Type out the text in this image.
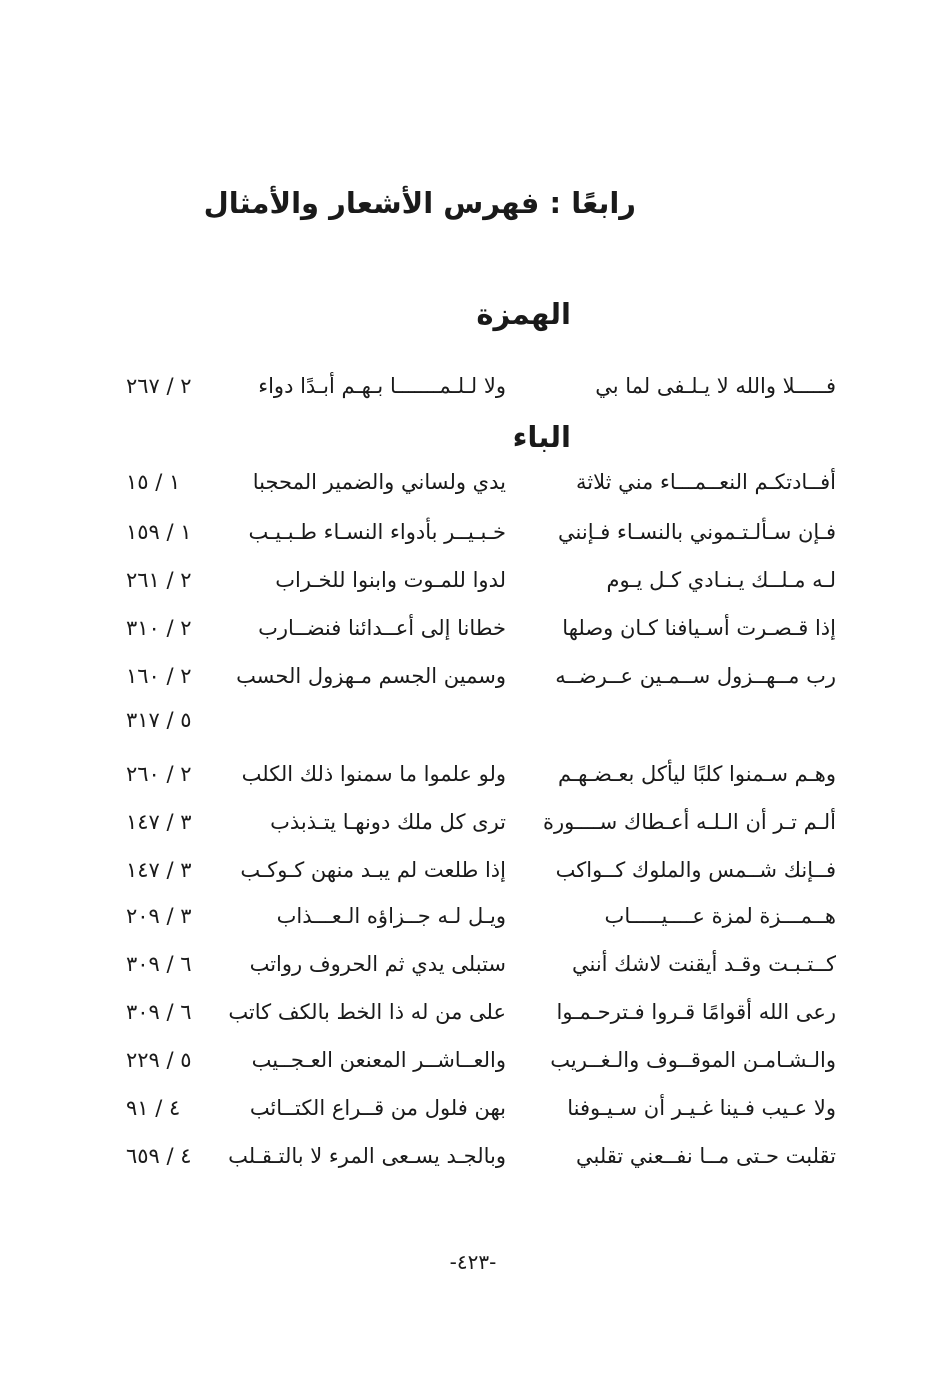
رابعًا : فهرس الأشعار والأمثال
الهمزة
فـــــلا والله لا يـلـفى لما بي
ولا لـلـمـــــــا بـهـم أبـدًا دواء
٢ / ٢٦٧
الباء
أفــادتكـم النعــمـــاء مني ثلاثة
يدي ولساني والضمير المحجبا
١ / ١٥
فـإن سـألـتـموني بالنسـاء فـإنني
خـبـيــر بأدواء النسـاء طـبـيـب
١ / ١٥٩
لـه مـلــك يـنـادي كـل يـوم
لدوا للمـوت وابنوا للخـراب
٢ / ٢٦١
إذا قـصـرت أسـيافنا كـان وصلها
خطانا إلى أعــدائنا فنضــارب
٢ / ٣١٠
رب مــهــزول ســمـين عــرضــه
وسمين الجسم مـهزول الحسب
٢ / ١٦٠
٥ / ٣١٧
وهـم سـمنوا كلبًا ليأكل بعـضـهـم
ولو علموا ما سمنوا ذلك الكلب
٢ / ٢٦٠
ألـم تـر أن الـلـه أعـطاك ســــورة
ترى كل ملك دونهـا يتـذبذب
٣ / ١٤٧
فــإنك شــمس والملوك كــواكب
إذا طلعت لم يبـد منهن كـوكـب
٣ / ١٤٧
هــمـــزة لمزة عــــيـــــاب
ويـل لـه جــزاؤه الـعـــذاب
٣ / ٢٠٩
كــتـبـت وقـد أيقنت لاشك أنني
ستبلى يدي ثم الحروف رواتب
٦ / ٣٠٩
رعى الله أقوامًا قـروا فـترحـمـوا
على من له ذا الخط بالكف كاتب
٦ / ٣٠٩
والـشـامـن الموقــوف والـغــريب
والعــاشــر المعنعن العـجــيب
٥ / ٢٢٩
ولا عـيب فـينا غـيـر أن سـيـوفنا
بهن فلول من قــراع الكتــائب
٤ / ٩١
تقلبت حـتى مــا نفــعني تقلبي
وبالجـد يسـعى المرء لا بالتـقـلب
٤ / ٦٥٩
-٤٢٣-
